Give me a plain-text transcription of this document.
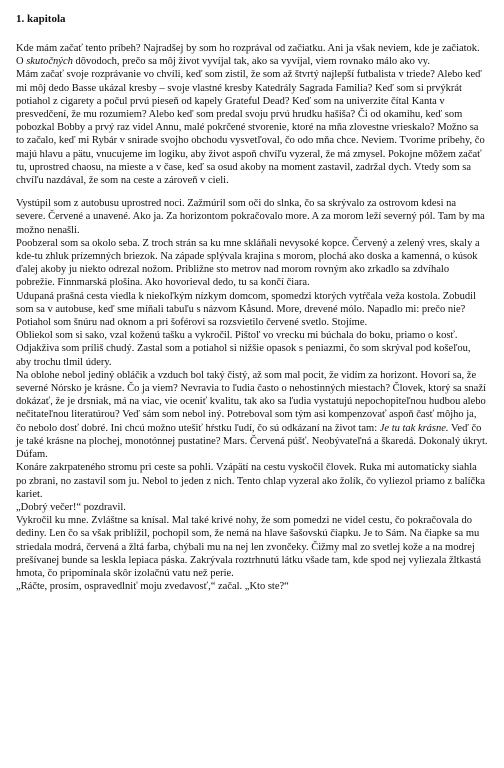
1. kapitola

Kde mám začať tento príbeh? Najradšej by som ho rozprával od začiatku. Ani ja však neviem, kde je začiatok. O skutočných dôvodoch, prečo sa môj život vyvíjal tak, ako sa vyvíjal, viem rovnako málo ako vy.

Mám začať svoje rozprávanie vo chvíli, keď som zistil, že som až štvrtý najlepší futbalista v triede? Alebo keď mi môj dedo Basse ukázal kresby – svoje vlastné kresby Katedrály Sagrada Familia? Keď som si prvýkrát potiahol z cigarety a počul prvú pieseň od kapely Grateful Dead? Keď som na univerzite čítal Kanta v presvedčení, že mu rozumiem? Alebo keď som predal svoju prvú hrudku hašiša? Či od okamihu, keď som pobozkal Bobby a prvý raz videl Annu, malé pokrčené stvorenie, ktoré na mňa zlovestne vrieskalo? Možno sa to začalo, keď mi Rybár v snirade svojho obchodu vysvetľoval, čo odo mňa chce. Neviem. Tvoríme príbehy, čo majú hlavu a pätu, vnucujeme im logiku, aby život aspoň chvíľu vyzeral, že má zmysel. Pokojne môžem začať tu, uprostred chaosu, na mieste a v čase, keď sa osud akoby na moment zastavil, zadržal dych. Vtedy som sa chvíľu nazdával, že som na ceste a zároveň v cieli.

Vystúpil som z autobusu uprostred noci. Zažmúril som oči do slnka, čo sa skrývalo za ostrovom kdesi na severe. Červené a unavené. Ako ja. Za horizontom pokračovalo more. A za morom leží severný pól. Tam by ma možno nenašli.

Poobzeral som sa okolo seba. Z troch strán sa ku mne skláňali nevysoké kopce. Červený a zelený vres, skaly a kde-tu zhluk prízemných briezok. Na západe splývala krajina s morom, plochá ako doska a kamenná, o kúsok ďalej akoby ju niekto odrezal nožom. Približne sto metrov nad morom rovným ako zrkadlo sa zdvíhalo pobrežie. Finnmarská plošina. Ako hovorieval dedo, tu sa končí čiara.

Udupaná prašná cesta viedla k niekoľkým nízkym domcom, spomedzi ktorých vytŕčala veža kostola. Zobudil som sa v autobuse, keď sme míňali tabuľu s názvom Kåsund. More, drevené mólo. Napadlo mi: prečo nie? Potiahol som šnúru nad oknom a pri šoférovi sa rozsvietilo červené svetlo. Stojíme.

Obliekol som si sako, vzal koženú tašku a vykročil. Pištoľ vo vrecku mi búchala do boku, priamo o kosť. Odjakživa som príliš chudý. Zastal som a potiahol si nižšie opasok s peniazmi, čo som skrýval pod košeľou, aby trochu tlmil údery.

Na oblohe nebol jediný obláčik a vzduch bol taký čistý, až som mal pocit, že vidím za horizont. Hovorí sa, že severné Nórsko je krásne. Čo ja viem? Nevravia to ľudia často o nehostinných miestach? Človek, ktorý sa snaží dokázať, že je drsniak, má na viac, vie oceniť kvalitu, tak ako sa ľudia vystatujú nepochopiteľnou hudbou alebo nečitateľnou literatúrou? Veď sám som nebol iný. Potreboval som tým asi kompenzovať aspoň časť môjho ja, čo nebolo dosť dobré. Ini chcú možno utešiť hŕstku ľudí, čo sú odkázaní na život tam: Je tu tak krásne. Veď čo je také krásne na plochej, monotónnej pustatine? Mars. Červená púšť. Neobývateľná a škaredá. Dokonalý úkryt. Dúfam.

Konáre zakrpateného stromu pri ceste sa pohli. Vzápätí na cestu vyskočil človek. Ruka mi automaticky siahla po zbrani, no zastavil som ju. Nebol to jeden z nich. Tento chlap vyzeral ako žolík, čo vyliezol priamo z balíčka kariet.

„Dobrý večer!“ pozdravil.

Vykročil ku mne. Zvláštne sa knísal. Mal také krivé nohy, že som pomedzi ne videl cestu, čo pokračovala do dediny. Len čo sa však priblížil, pochopil som, že nemá na hlave šašovskú čiapku. Je to Sám. Na čiapke sa mu striedala modrá, červená a žltá farba, chýbali mu na nej len zvončeky. Čižmy mal zo svetlej kože a na modrej prešívanej bunde sa leskla lepiaca páska. Zakrývala roztrhnutú látku všade tam, kde spod nej vyliezala žltkastá hmota, čo pripomínala skôr izolačnú vatu než perie.

„Ráčte, prosím, ospravedlniť moju zvedavosť,“ začal. „Kto ste?“
